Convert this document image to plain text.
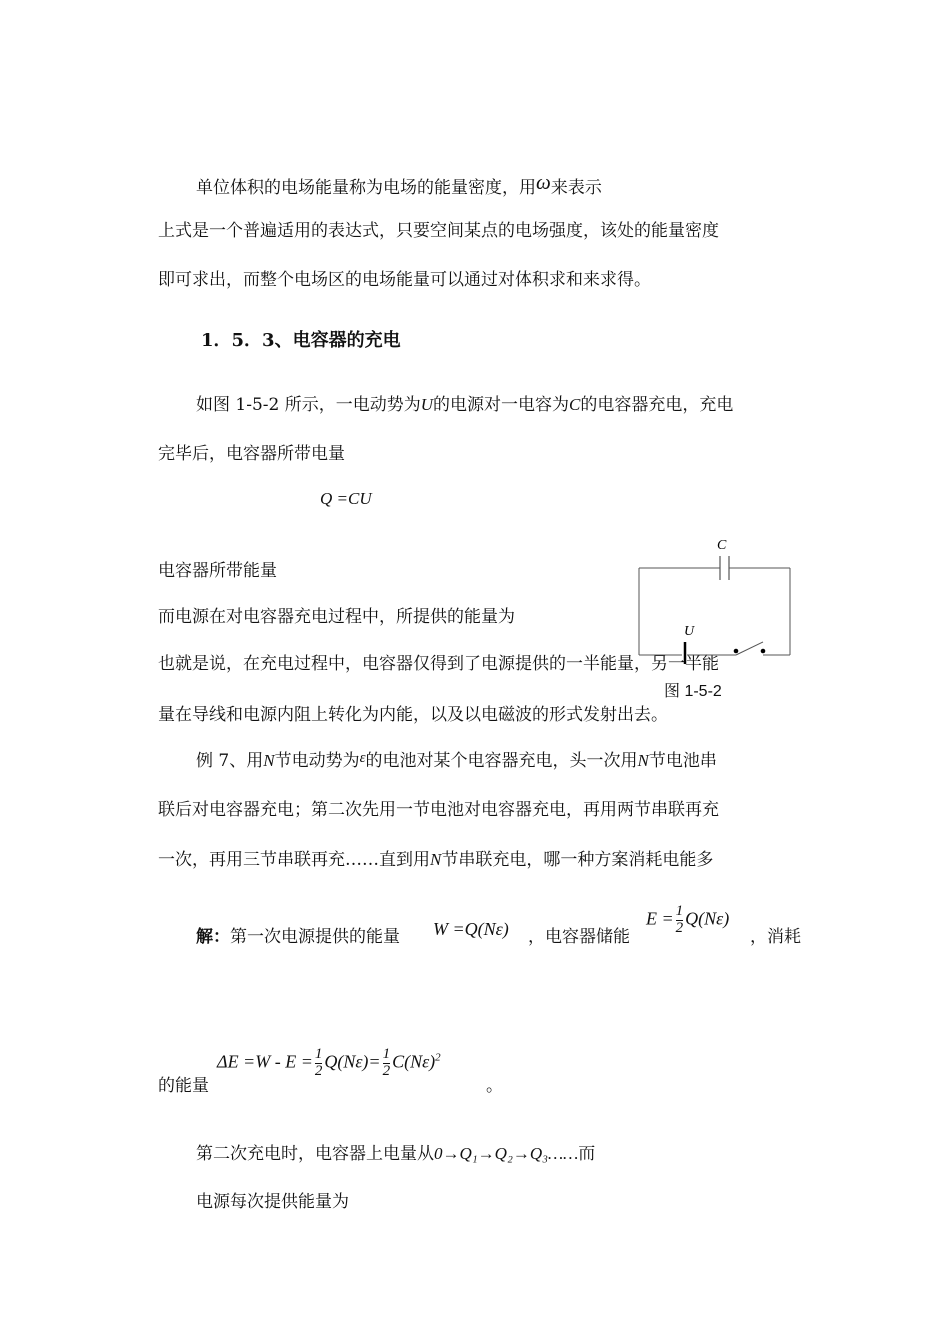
单位体积的电场能量称为电场的能量密度，用ω来表示
上式是一个普遍适用的表达式，只要空间某点的电场强度，该处的能量密度
即可求出，而整个电场区的电场能量可以通过对体积求和来求得。
1．5．3、电容器的充电
如图 1-5-2 所示，一电动势为U的电源对一电容为C的电容器充电，充电
完毕后，电容器所带电量
Q =CU
电容器所带能量
而电源在对电容器充电过程中，所提供的能量为
也就是说，在充电过程中，电容器仅得到了电源提供的一半能量，另一半能
量在导线和电源内阻上转化为内能，以及以电磁波的形式发射出去。
C
U
图 1-5-2
例 7、用N节电动势为ε的电池对某个电容器充电，头一次用N节电池串
联后对电容器充电；第二次先用一节电池对电容器充电，再用两节串联再充
一次，再用三节串联再充……直到用N节串联充电，哪一种方案消耗电能多
解：第一次电源提供的能量 W =Q(Nε) ，电容器储能
$E = \frac{1}{2} Q(N\varepsilon)$
，消耗
的能量
$\Delta E =W - E = \frac{1}{2} Q(N\varepsilon)= \frac{1}{2} C(N\varepsilon)^2$
。
第二次充电时，电容器上电量从0→Q₁→Q₂→Q₃……而
电源每次提供能量为
